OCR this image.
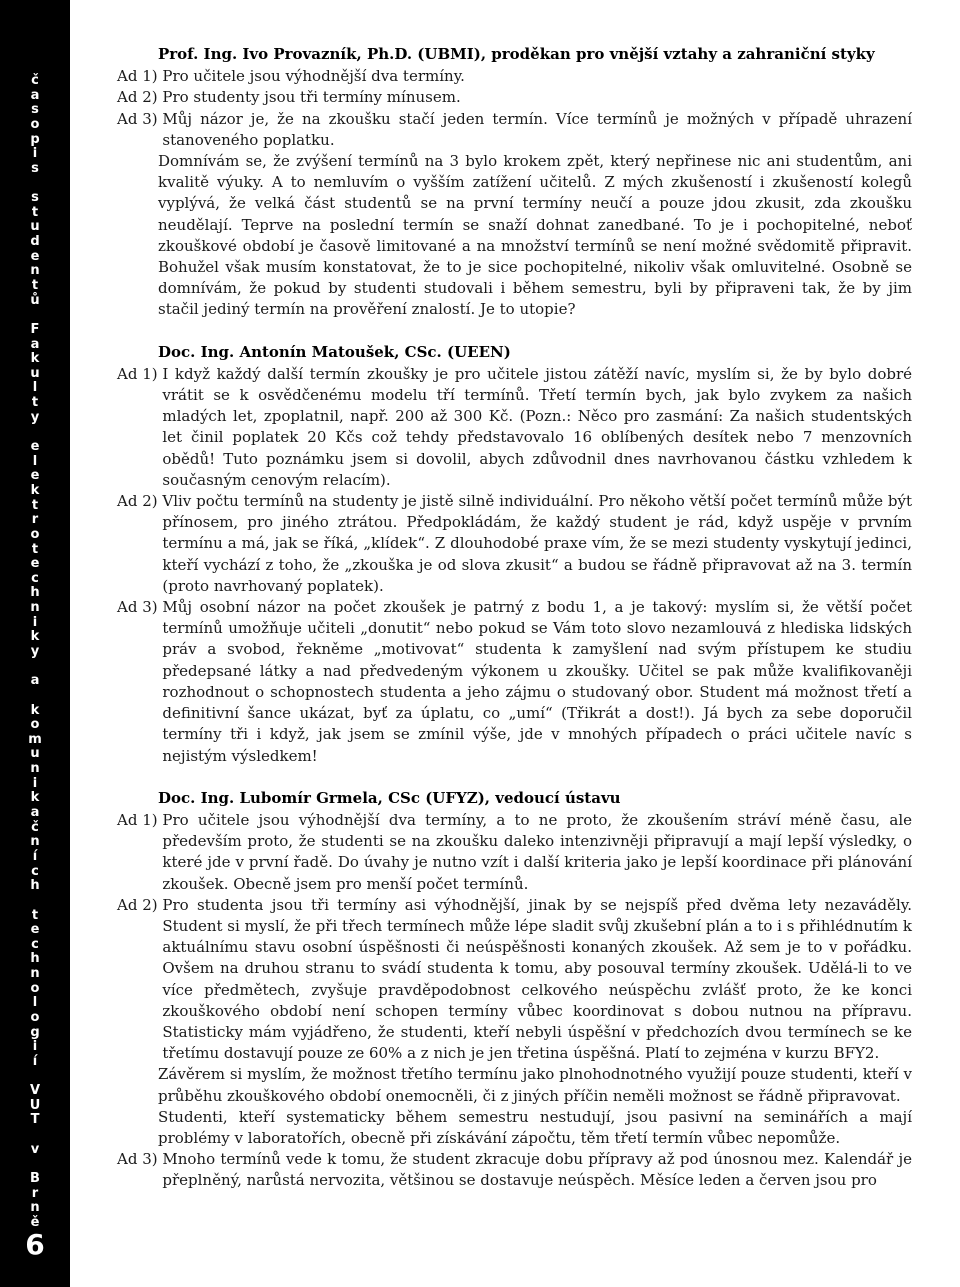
č
a
s
o
p
i
s

s
t
u
d
e
n
t
ů

F
a
k
u
l
t
y

e
l
e
k
t
r
o
t
e
c
h
n
i
k
y

a

k
o
m
u
n
i
k
a
č
n
í
c
h

t
e
c
h
n
o
l
o
g
i
í

V
U
T

v

B
r
n
ě
6
Prof. Ing. Ivo Provazník, Ph.D. (UBMI), proděkan pro vnější vztahy a zahraniční styky
Ad 1) Pro učitele jsou výhodnější dva termíny.
Ad 2) Pro studenty jsou tři termíny mínusem.
Ad 3) Můj názor je, že na zkoušku stačí jeden termín. Více termínů je možných v případě uhrazení stanoveného poplatku.

Domnívám se, že zvýšení termínů na 3 bylo krokem zpět, který nepřinese nic ani studentům, ani kvalitě výuky. A to nemluvím o vyšším zatížení učitelů. Z mých zkušeností i zkušeností kolegů vyplývá, že velká část studentů se na první termíny neučí a pouze jdou zkusit, zda zkoušku neudělají. Teprve na poslední termín se snaží dohnat zanedbané. To je i pochopitelné, neboť zkouškové období je časově limitované a na množství termínů se není možné svědomitě připravit. Bohužel však musím konstatovat, že to je sice pochopitelné, nikoliv však omluvitelné. Osobně se domnívám, že pokud by studenti studovali i během semestru, byli by připraveni tak, že by jim stačil jediný termín na prověření znalostí. Je to utopie?

Doc. Ing. Antonín Matoušek, CSc. (UEEN)
Ad 1) I když každý další termín zkoušky je pro učitele jistou zátěží navíc, myslím si, že by bylo dobré vrátit se k osvědčenému modelu tří termínů. Třetí termín bych, jak bylo zvykem za našich mladých let, zpoplatnil, např. 200 až 300 Kč. (Pozn.: Něco pro zasmání: Za našich studentských let činil poplatek 20 Kčs což tehdy představovalo 16 oblíbených desítek nebo 7 menzovních obědů! Tuto poznámku jsem si dovolil, abych zdůvodnil dnes navrhovanou částku vzhledem k současným cenovým relacím).
Ad 2) Vliv počtu termínů na studenty je jistě silně individuální. Pro někoho větší počet termínů může být přínosem, pro jiného ztrátou. Předpokládám, že každý student je rád, když uspěje v prvním termínu a má, jak se říká, „klídek“. Z dlouhodobé praxe vím, že se mezi studenty vyskytují jedinci, kteří vychází z toho, že „zkouška je od slova zkusit“ a budou se řádně připravovat až na 3. termín (proto navrhovaný poplatek).
Ad 3) Můj osobní názor na počet zkoušek je patrný z bodu 1, a je takový: myslím si, že větší počet termínů umožňuje učiteli „donutit“ nebo pokud se Vám toto slovo nezamlouvá z hlediska lidských práv a svobod, řekněme „motivovat“ studenta k zamyšlení nad svým přístupem ke studiu předepsané látky a nad předvedeným výkonem u zkoušky. Učitel se pak může kvalifikovaněji rozhodnout o schopnostech studenta a jeho zájmu o studovaný obor. Student má možnost třetí a definitivní šance ukázat, byť za úplatu, co „umí“ (Třikrát a dost!). Já bych za sebe doporučil termíny tři i když, jak jsem se zmínil výše, jde v mnohých případech o práci učitele navíc s nejistým výsledkem!
Doc. Ing. Lubomír Grmela, CSc (UFYZ), vedoucí ústavu
Ad 1) Pro učitele jsou výhodnější dva termíny, a to ne proto, že zkoušením stráví méně času, ale především proto, že studenti se na zkoušku daleko intenzivněji připravují a mají lepší výsledky, o které jde v první řadě. Do úvahy je nutno vzít i další kriteria jako je lepší koordinace při plánování zkoušek. Obecně jsem pro menší počet termínů.
Ad 2) Pro studenta jsou tři termíny asi výhodnější, jinak by se nejspíš před dvěma lety nezaváděly. Student si myslí, že při třech termínech může lépe sladit svůj zkušební plán a to i s přihlédnutím k aktuálnímu stavu osobní úspěšnosti či neúspěšnosti konaných zkoušek. Až sem je to v pořádku. Ovšem na druhou stranu to svádí studenta k tomu, aby posouval termíny zkoušek. Udělá-li to ve více předmětech, zvyšuje pravděpodobnost celkového neúspěchu zvlášť proto, že ke konci zkouškového období není schopen termíny vůbec koordinovat s dobou nutnou na přípravu. Statisticky mám vyjádřeno, že studenti, kteří nebyli úspěšní v předchozích dvou termínech se ke třetímu dostavují pouze ze 60% a z nich je jen třetina úspěšná. Platí to zejména v kurzu BFY2.

Závěrem si myslím, že možnost třetího termínu jako plnohodnotného využijí pouze studenti, kteří v průběhu zkouškového období onemocněli, či z jiných příčin neměli možnost se řádně připravovat.

Studenti, kteří systematicky během semestru nestudují, jsou pasivní na seminářích a mají problémy v laboratořích, obecně při získávání zápočtu, těm třetí termín vůbec nepomůže.

Ad 3) Mnoho termínů vede k tomu, že student zkracuje dobu přípravy až pod únosnou mez. Kalendář je přeplněný, narůstá nervozita, většinou se dostavuje neúspěch. Měsíce leden a červen jsou pro
